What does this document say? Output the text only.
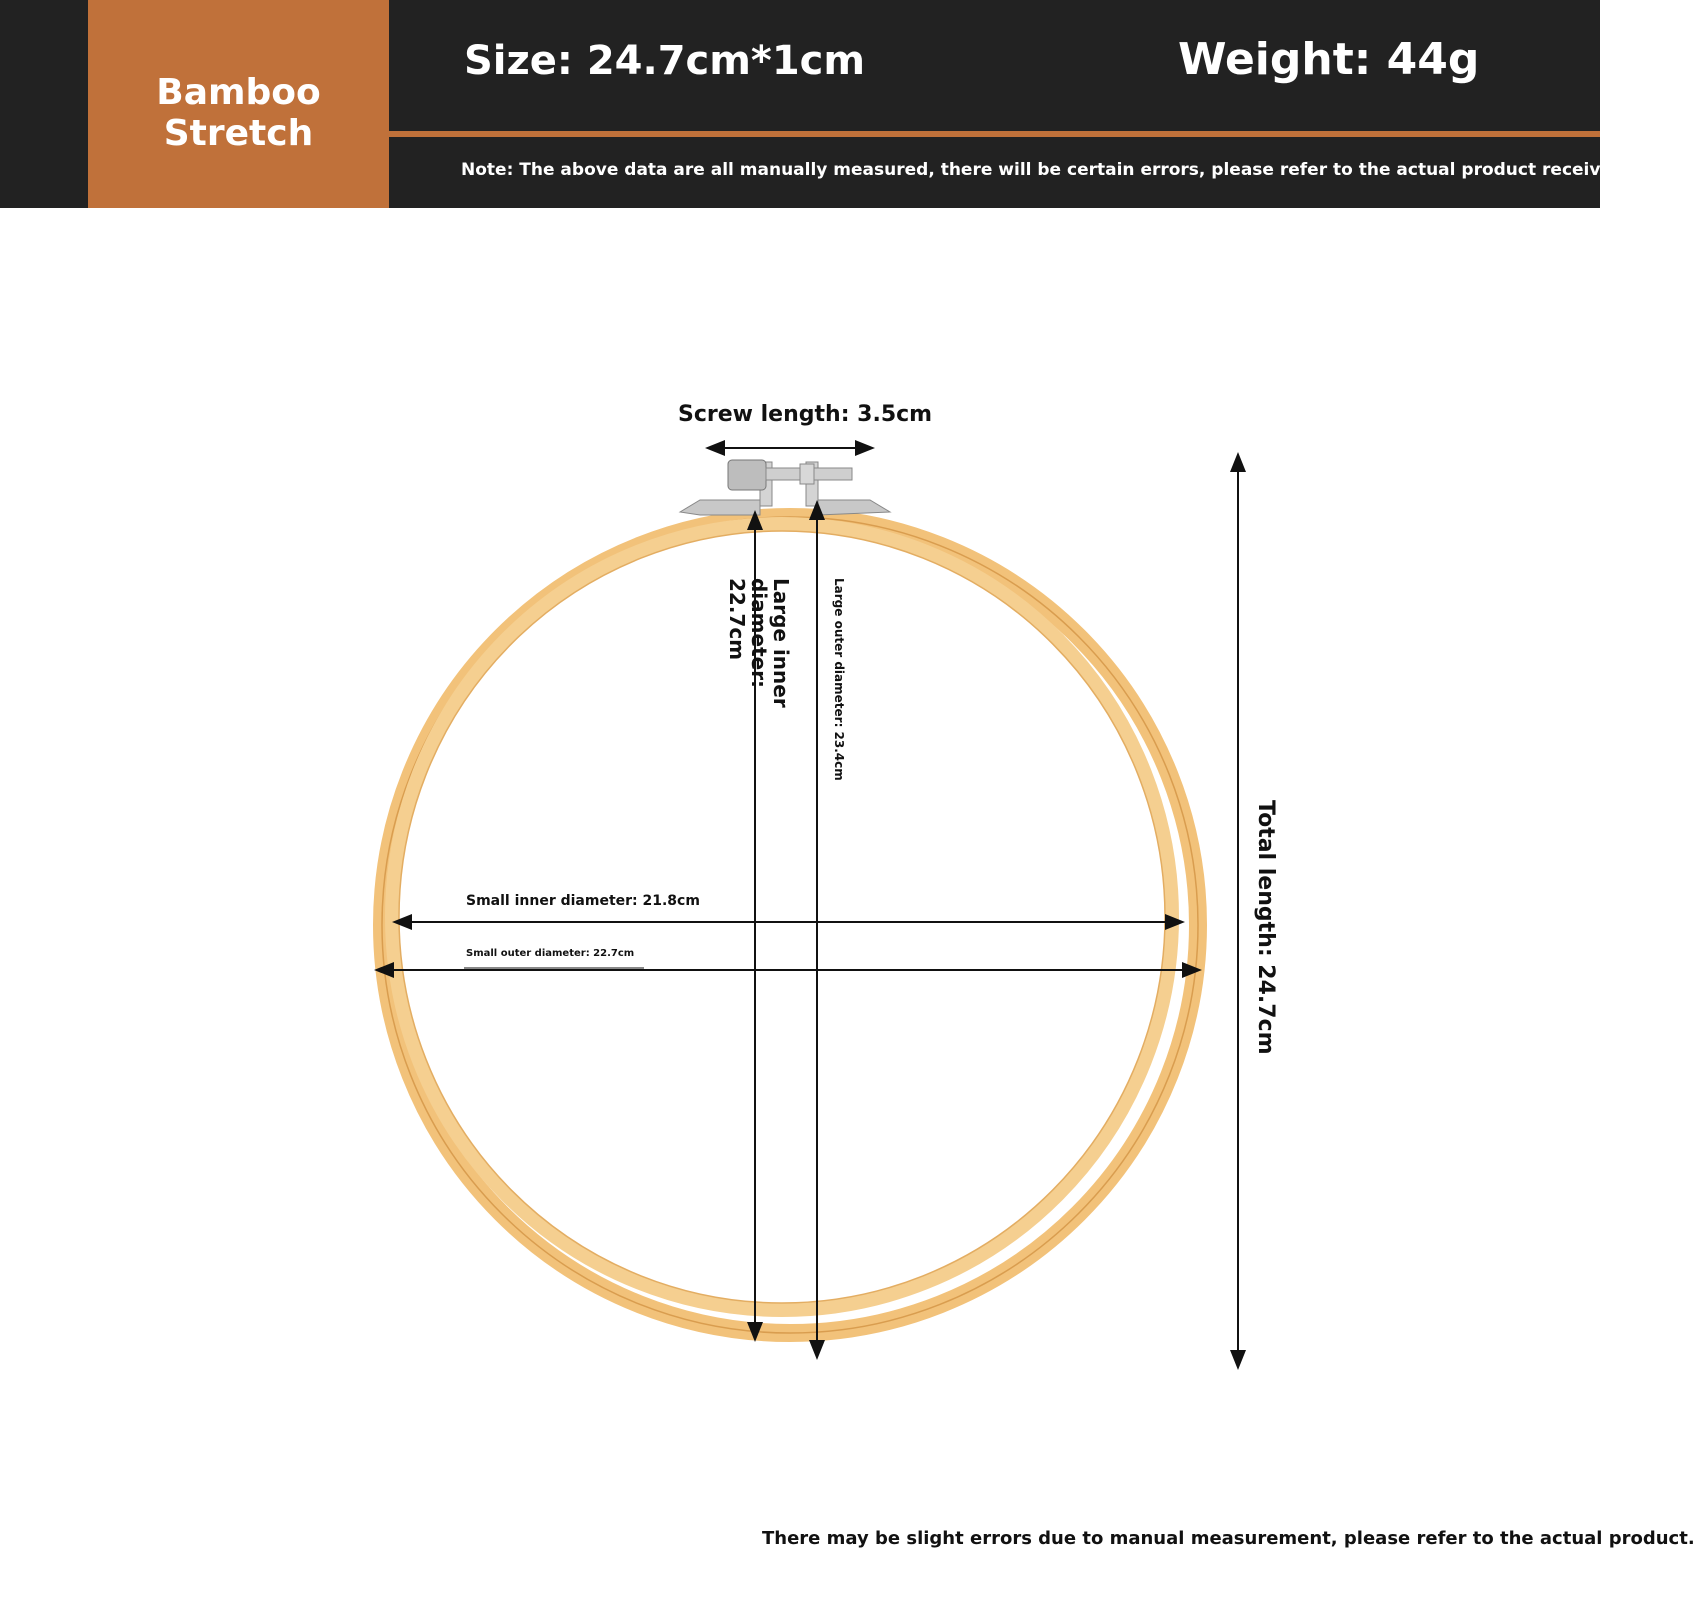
Bamboo Stretch
Size: 24.7cm*1cm	Weight: 44g
Note: The above data are all manually measured, there will be certain errors, please refer to the actual product received!
Screw length: 3.5cm
Small inner diameter: 21.8cm
Small outer diameter: 22.7cm
Large inner diameter: 22.7cm	Large outer diameter: 23.4cm
Total length: 24.7cm
There may be slight errors due to manual measurement, please refer to the actual product.
